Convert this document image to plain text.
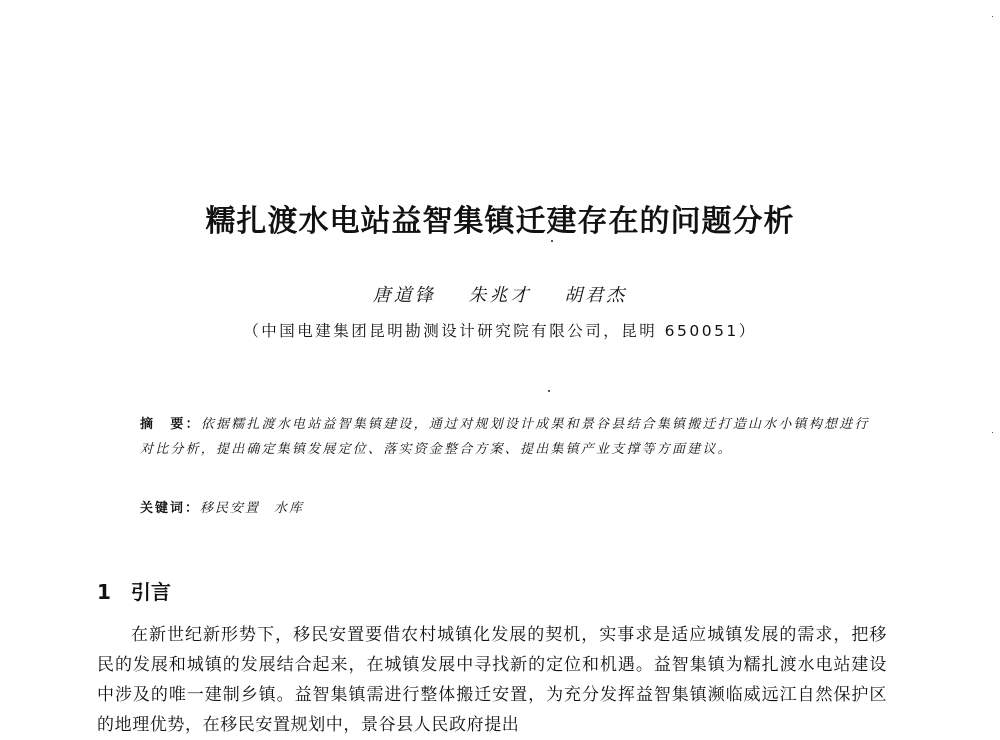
糯扎渡水电站益智集镇迁建存在的问题分析
唐道锋 朱兆才 胡君杰
（中国电建集团昆明勘测设计研究院有限公司，昆明 650051）
摘　要：依据糯扎渡水电站益智集镇建设，通过对规划设计成果和景谷县结合集镇搬迁打造山水小镇构想进行对比分析，提出确定集镇发展定位、落实资金整合方案、提出集镇产业支撑等方面建议。
关键词：移民安置 水库
1 引言
在新世纪新形势下，移民安置要借农村城镇化发展的契机，实事求是适应城镇发展的需求，把移民的发展和城镇的发展结合起来，在城镇发展中寻找新的定位和机遇。益智集镇为糯扎渡水电站建设中涉及的唯一建制乡镇。益智集镇需进行整体搬迁安置，为充分发挥益智集镇濒临威远江自然保护区的地理优势，在移民安置规划中，景谷县人民政府提出
